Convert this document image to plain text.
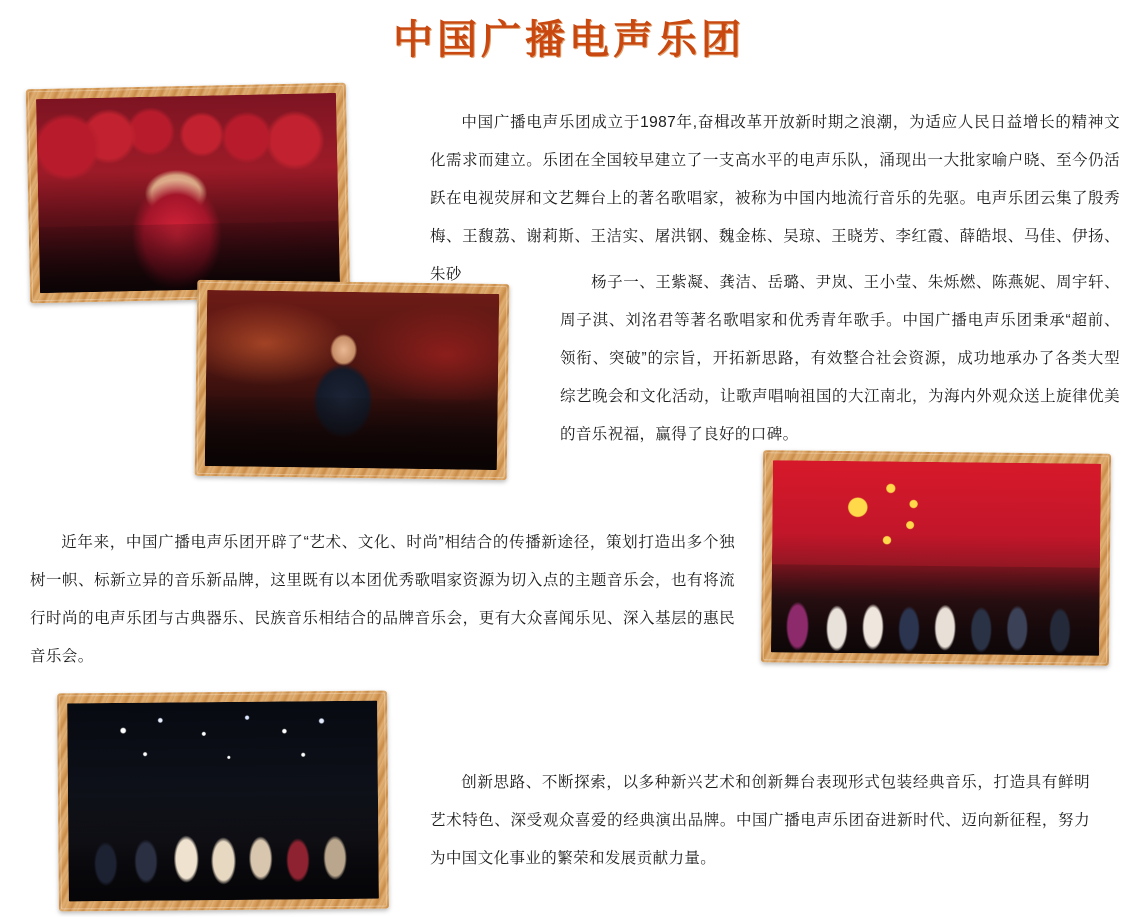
中国广播电声乐团

中国广播电声乐团成立于1987年,奋楫改革开放新时期之浪潮，为适应人民日益增长的精神文化需求而建立。乐团在全国较早建立了一支高水平的电声乐队，涌现出一大批家喻户晓、至今仍活跃在电视荧屏和文艺舞台上的著名歌唱家，被称为中国内地流行音乐的先驱。电声乐团云集了殷秀梅、王馥荔、谢莉斯、王洁实、屠洪钢、魏金栋、吴琼、王晓芳、李红霞、薛皓垠、马佳、伊扬、朱砂	杨子一、王紫凝、龚洁、岳璐、尹岚、王小莹、朱烁燃、陈燕妮、周宇轩、周子淇、刘洺君等著名歌唱家和优秀青年歌手。中国广播电声乐团秉承“超前、领衔、突破”的宗旨，开拓新思路，有效整合社会资源，成功地承办了各类大型综艺晚会和文化活动，让歌声唱响祖国的大江南北，为海内外观众送上旋律优美的音乐祝福，赢得了良好的口碑。

近年来，中国广播电声乐团开辟了“艺术、文化、时尚”相结合的传播新途径，策划打造出多个独树一帜、标新立异的音乐新品牌，这里既有以本团优秀歌唱家资源为切入点的主题音乐会，也有将流行时尚的电声乐团与古典器乐、民族音乐相结合的品牌音乐会，更有大众喜闻乐见、深入基层的惠民音乐会。

创新思路、不断探索，以多种新兴艺术和创新舞台表现形式包装经典音乐，打造具有鲜明艺术特色、深受观众喜爱的经典演出品牌。中国广播电声乐团奋进新时代、迈向新征程，努力为中国文化事业的繁荣和发展贡献力量。
